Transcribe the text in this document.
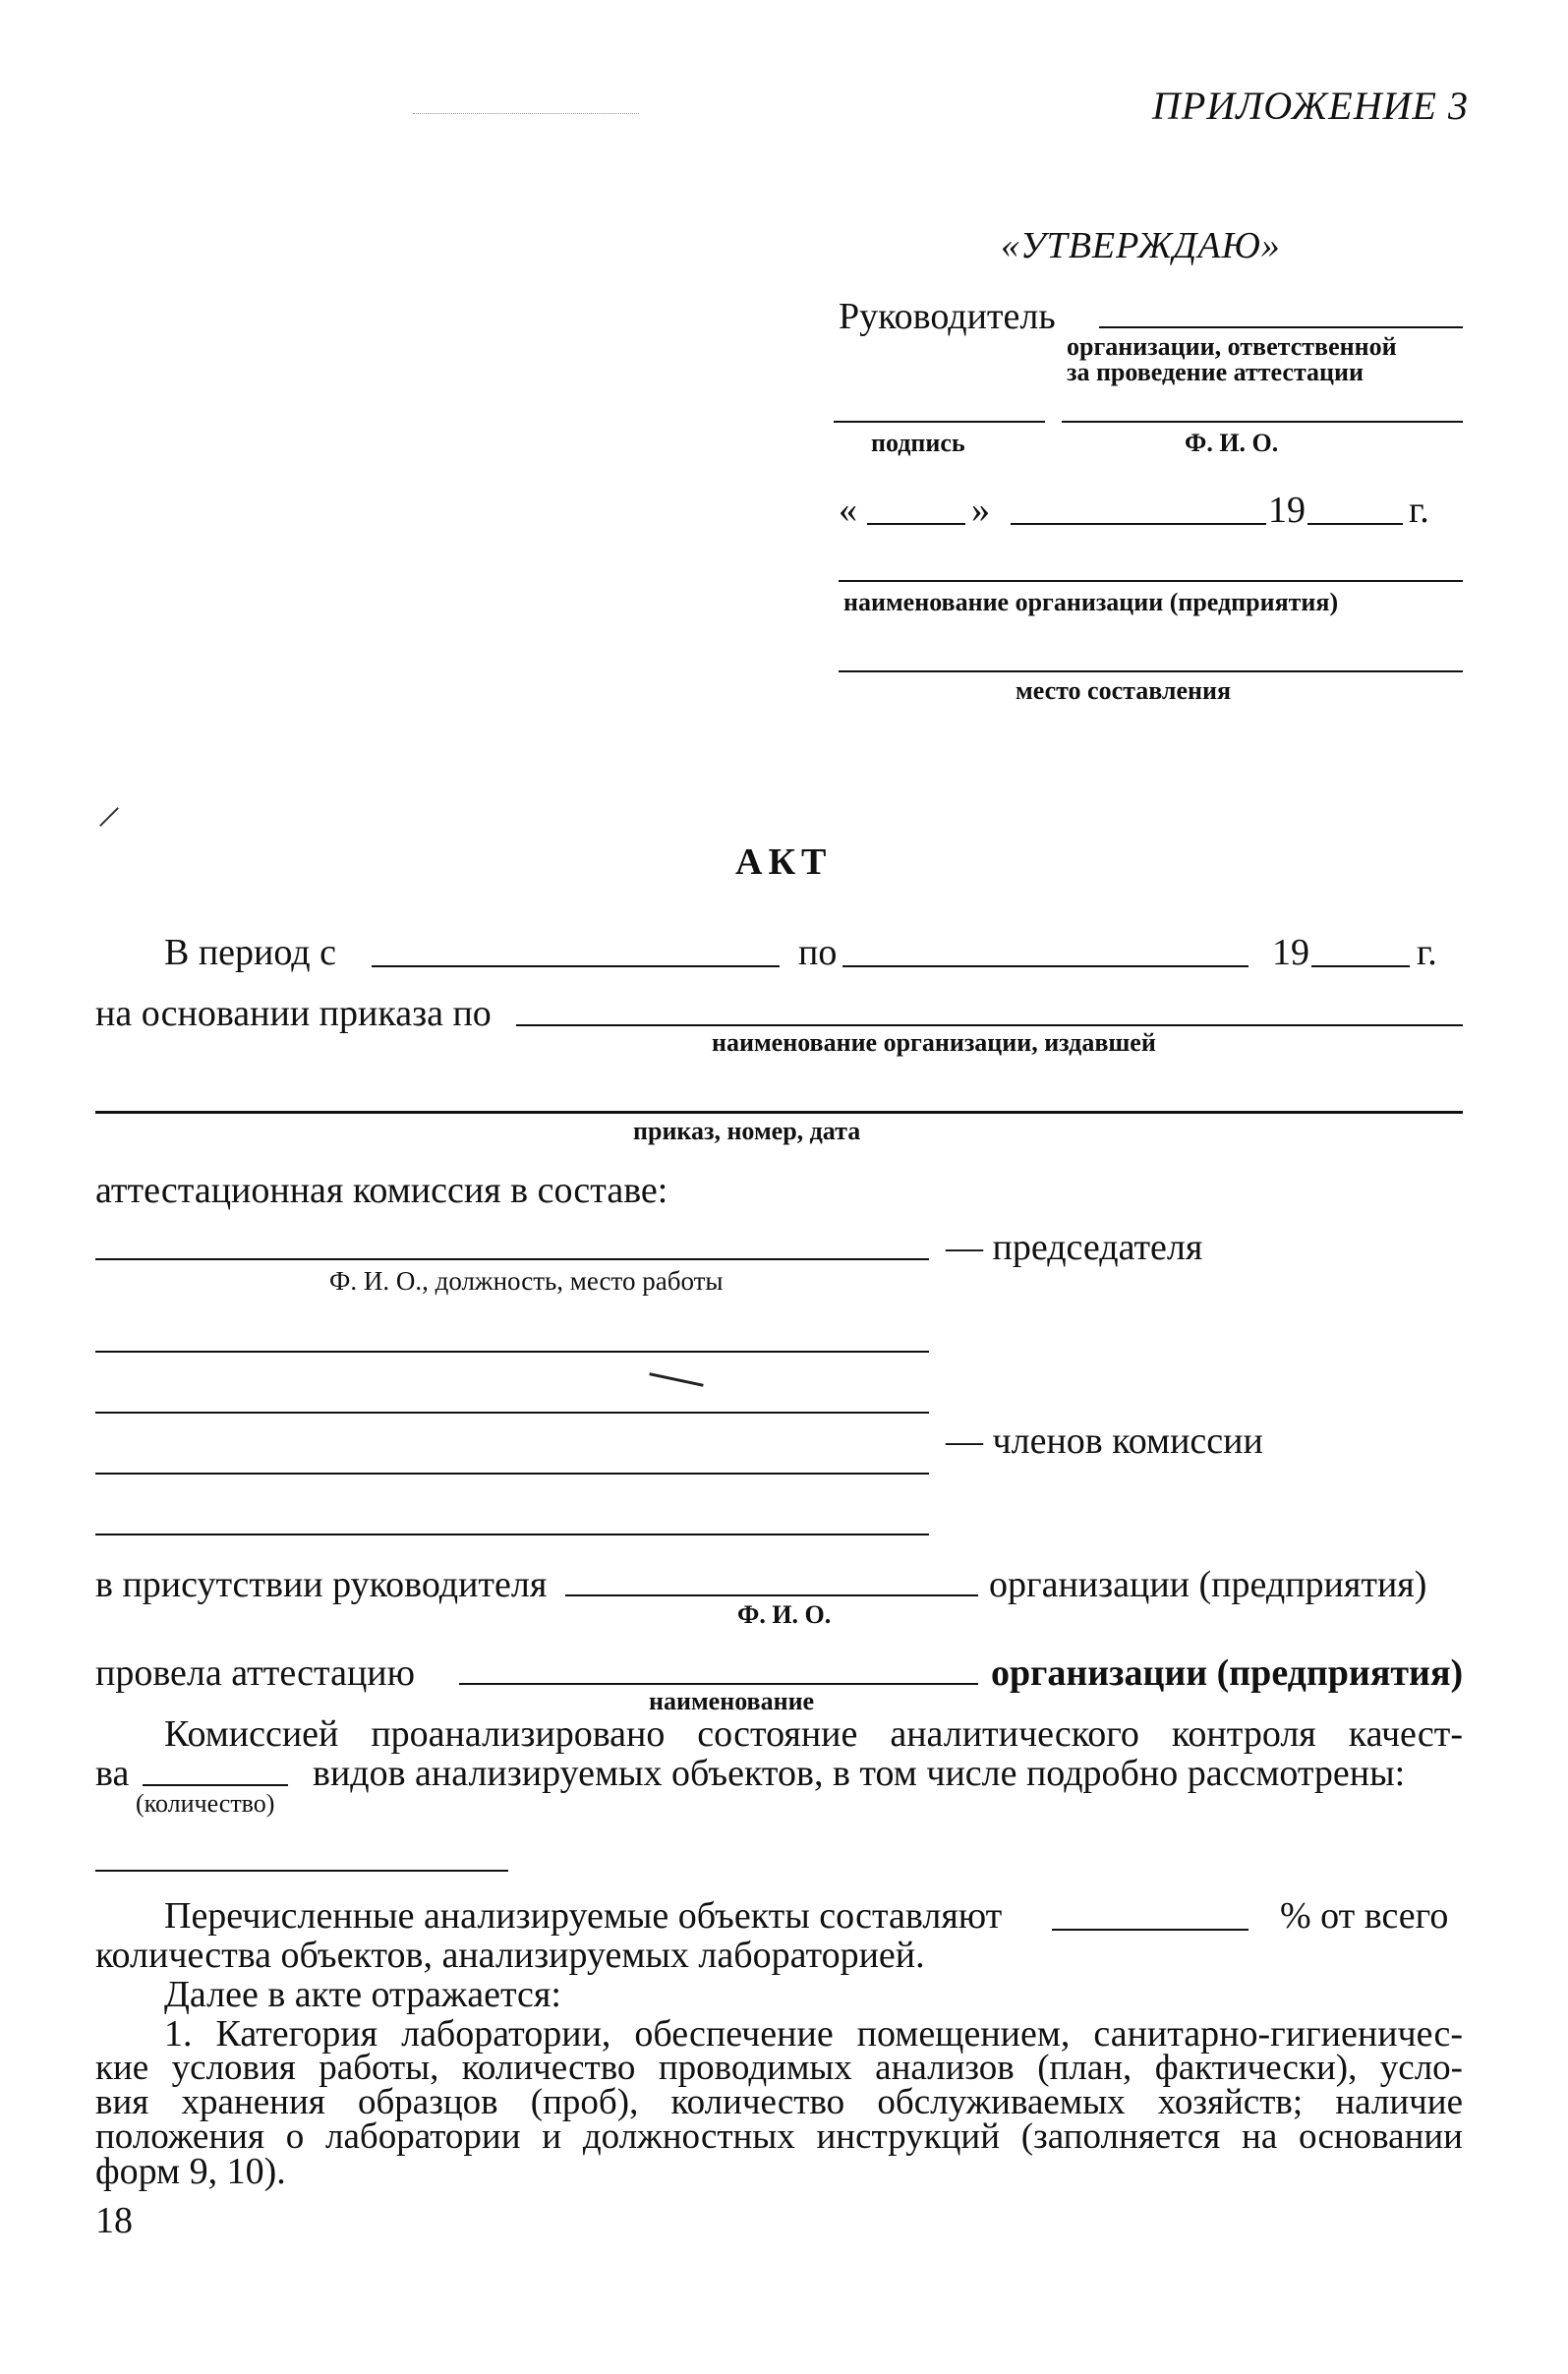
ПРИЛОЖЕНИЕ 3
«УТВЕРЖДАЮ»
Руководитель
организации, ответственной
за проведение аттестации
подпись	Ф. И. О.
«	»	19	г.
наименование организации (предприятия)
место составления
АКТ
В период с	по	19	г.
на основании приказа по
наименование организации, издавшей
приказ, номер, дата
аттестационная комиссия в составе:
— председателя
Ф. И. О., должность, место работы
— членов комиссии
в присутствии руководителя	организации (предприятия)
Ф. И. О.
провела аттестацию	организации (предприятия)
наименование
Комиссией проанализировано состояние аналитического контроля качест-
ва	видов анализируемых объектов, в том числе подробно рассмотрены:
(количество)
Перечисленные анализируемые объекты составляют	% от всего
количества объектов, анализируемых лабораторией.
Далее в акте отражается:
1. Категория лаборатории, обеспечение помещением, санитарно-гигиеничес-
кие условия работы, количество проводимых анализов (план, фактически), усло-
вия хранения образцов (проб), количество обслуживаемых хозяйств; наличие
положения о лаборатории и должностных инструкций (заполняется на основании
форм 9, 10).
18
